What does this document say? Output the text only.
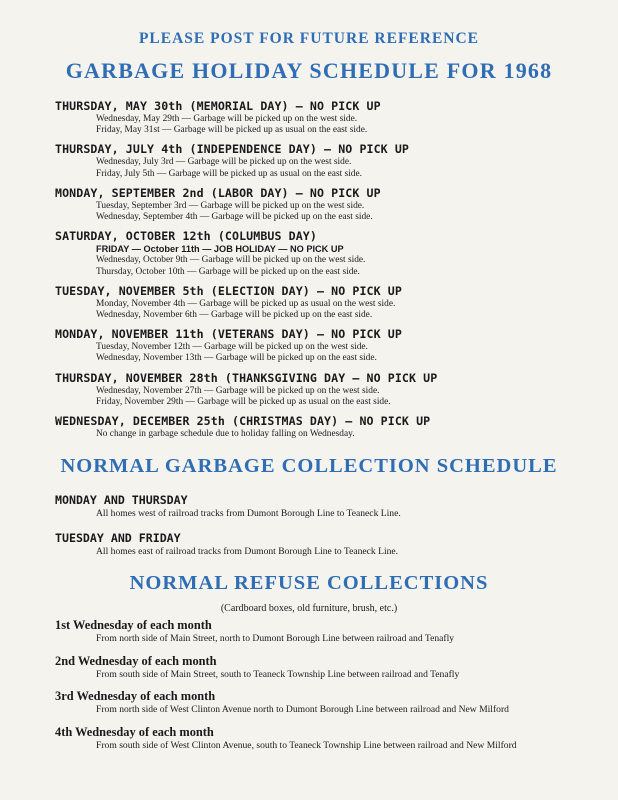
PLEASE POST FOR FUTURE REFERENCE
GARBAGE HOLIDAY SCHEDULE FOR 1968
THURSDAY, MAY 30th (MEMORIAL DAY) — NO PICK UP
Wednesday, May 29th — Garbage will be picked up on the west side.
Friday, May 31st — Garbage will be picked up as usual on the east side.
THURSDAY, JULY 4th (INDEPENDENCE DAY) — NO PICK UP
Wednesday, July 3rd — Garbage will be picked up on the west side.
Friday, July 5th — Garbage will be picked up as usual on the east side.
MONDAY, SEPTEMBER 2nd (LABOR DAY) — NO PICK UP
Tuesday, September 3rd — Garbage will be picked up on the west side.
Wednesday, September 4th — Garbage will be picked up on the east side.
SATURDAY, OCTOBER 12th (COLUMBUS DAY)
FRIDAY — October 11th — JOB HOLIDAY — NO PICK UP
Wednesday, October 9th — Garbage will be picked up on the west side.
Thursday, October 10th — Garbage will be picked up on the east side.
TUESDAY, NOVEMBER 5th (ELECTION DAY) — NO PICK UP
Monday, November 4th — Garbage will be picked up as usual on the west side.
Wednesday, November 6th — Garbage will be picked up on the east side.
MONDAY, NOVEMBER 11th (VETERANS DAY) — NO PICK UP
Tuesday, November 12th — Garbage will be picked up on the west side.
Wednesday, November 13th — Garbage will be picked up on the east side.
THURSDAY, NOVEMBER 28th (THANKSGIVING DAY — NO PICK UP
Wednesday, November 27th — Garbage will be picked up on the west side.
Friday, November 29th — Garbage will be picked up as usual on the east side.
WEDNESDAY, DECEMBER 25th (CHRISTMAS DAY) — NO PICK UP
No change in garbage schedule due to holiday falling on Wednesday.
NORMAL GARBAGE COLLECTION SCHEDULE
MONDAY AND THURSDAY
All homes west of railroad tracks from Dumont Borough Line to Teaneck Line.
TUESDAY AND FRIDAY
All homes east of railroad tracks from Dumont Borough Line to Teaneck Line.
NORMAL REFUSE COLLECTIONS
(Cardboard boxes, old furniture, brush, etc.)
1st Wednesday of each month
From north side of Main Street, north to Dumont Borough Line between railroad and Tenafly
2nd Wednesday of each month
From south side of Main Street, south to Teaneck Township Line between railroad and Tenafly
3rd Wednesday of each month
From north side of West Clinton Avenue north to Dumont Borough Line between railroad and New Milford
4th Wednesday of each month
From south side of West Clinton Avenue, south to Teaneck Township Line between railroad and New Milford
